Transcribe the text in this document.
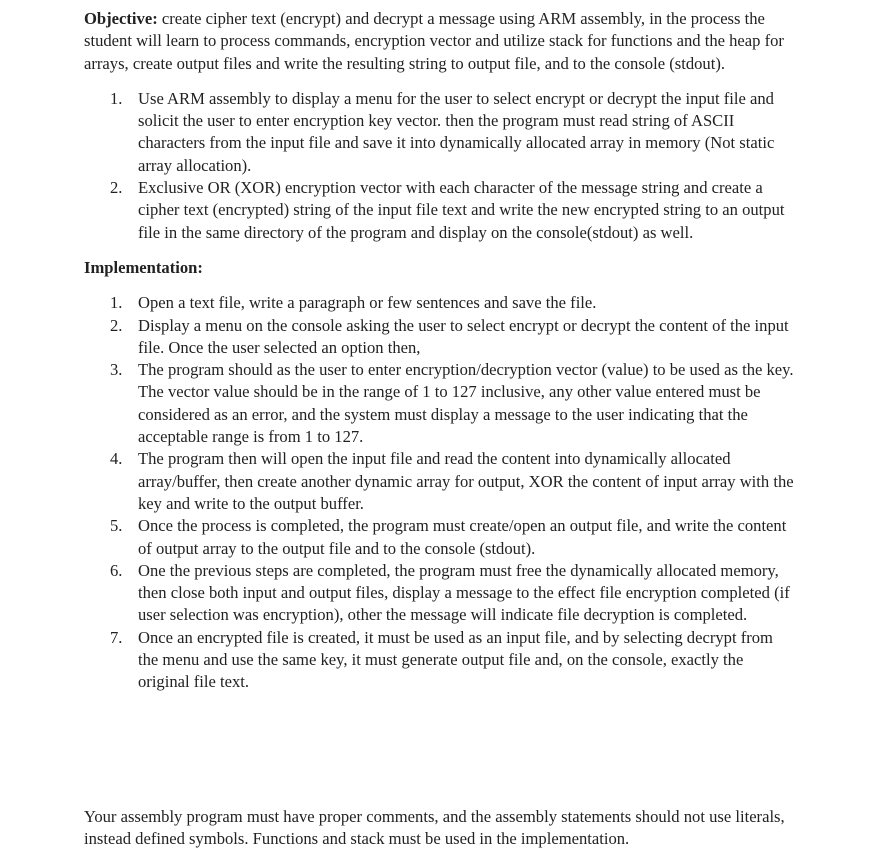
Objective: create cipher text (encrypt) and decrypt a message using ARM assembly, in the process the student will learn to process commands, encryption vector and utilize stack for functions and the heap for arrays, create output files and write the resulting string to output file, and to the console (stdout).

1. Use ARM assembly to display a menu for the user to select encrypt or decrypt the input file and solicit the user to enter encryption key vector. then the program must read string of ASCII characters from the input file and save it into dynamically allocated array in memory (Not static array allocation).
2. Exclusive OR (XOR) encryption vector with each character of the message string and create a cipher text (encrypted) string of the input file text and write the new encrypted string to an output file in the same directory of the program and display on the console(stdout) as well.
Implementation:
1. Open a text file, write a paragraph or few sentences and save the file.
2. Display a menu on the console asking the user to select encrypt or decrypt the content of the input file. Once the user selected an option then,
3. The program should as the user to enter encryption/decryption vector (value) to be used as the key. The vector value should be in the range of 1 to 127 inclusive, any other value entered must be considered as an error, and the system must display a message to the user indicating that the acceptable range is from 1 to 127.
4. The program then will open the input file and read the content into dynamically allocated array/buffer, then create another dynamic array for output, XOR the content of input array with the key and write to the output buffer.
5. Once the process is completed, the program must create/open an output file, and write the content of output array to the output file and to the console (stdout).
6. One the previous steps are completed, the program must free the dynamically allocated memory, then close both input and output files, display a message to the effect file encryption completed (if user selection was encryption), other the message will indicate file decryption is completed.
7. Once an encrypted file is created, it must be used as an input file, and by selecting decrypt from the menu and use the same key, it must generate output file and, on the console, exactly the original file text.

Your assembly program must have proper comments, and the assembly statements should not use literals, instead defined symbols. Functions and stack must be used in the implementation.
